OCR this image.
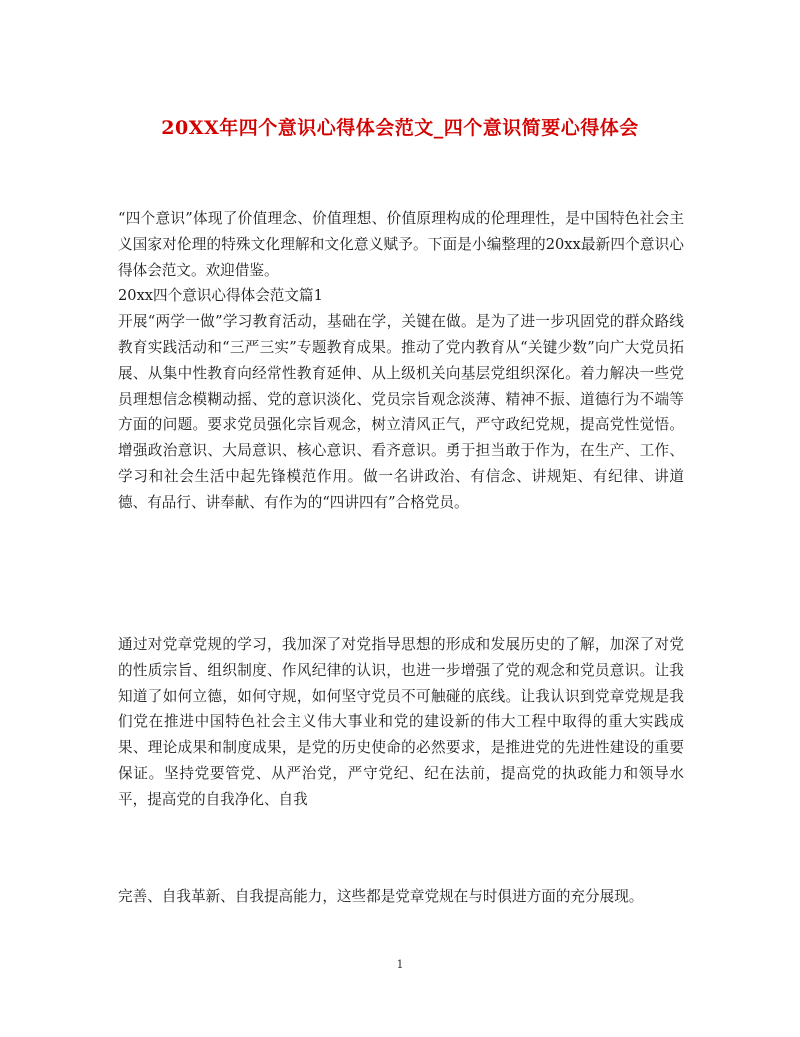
20XX年四个意识心得体会范文_四个意识简要心得体会

“四个意识”体现了价值理念、价值理想、价值原理构成的伦理理性，是中国特色社会主义国家对伦理的特殊文化理解和文化意义赋予。下面是小编整理的20xx最新四个意识心得体会范文。欢迎借鉴。

20xx四个意识心得体会范文篇1

开展“两学一做”学习教育活动，基础在学，关键在做。是为了进一步巩固党的群众路线教育实践活动和“三严三实”专题教育成果。推动了党内教育从“关键少数”向广大党员拓展、从集中性教育向经常性教育延伸、从上级机关向基层党组织深化。着力解决一些党员理想信念模糊动摇、党的意识淡化、党员宗旨观念淡薄、精神不振、道德行为不端等方面的问题。要求党员强化宗旨观念，树立清风正气，严守政纪党规，提高党性觉悟。增强政治意识、大局意识、核心意识、看齐意识。勇于担当敢于作为，在生产、工作、学习和社会生活中起先锋模范作用。做一名讲政治、有信念、讲规矩、有纪律、讲道德、有品行、讲奉献、有作为的“四讲四有”合格党员。

通过对党章党规的学习，我加深了对党指导思想的形成和发展历史的了解，加深了对党的性质宗旨、组织制度、作风纪律的认识，也进一步增强了党的观念和党员意识。让我知道了如何立德，如何守规，如何坚守党员不可触碰的底线。让我认识到党章党规是我们党在推进中国特色社会主义伟大事业和党的建设新的伟大工程中取得的重大实践成果、理论成果和制度成果，是党的历史使命的必然要求，是推进党的先进性建设的重要保证。坚持党要管党、从严治党，严守党纪、纪在法前，提高党的执政能力和领导水平，提高党的自我净化、自我

完善、自我革新、自我提高能力，这些都是党章党规在与时俱进方面的充分展现。

1
